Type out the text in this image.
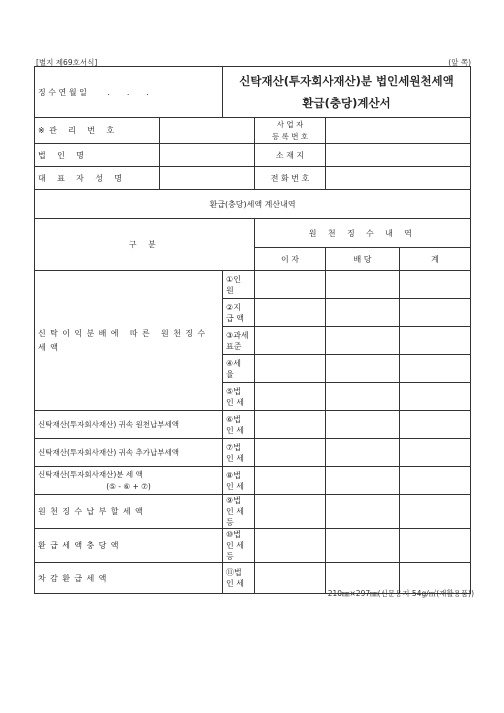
[별지 제69호서식]	(앞 쪽)
징 수 연 월 일 . . .		신탁재산(투자회사재산)분 법인세원천세액
환급(충당)계산서			

※관 리 번 호			사 업 자
등 록 번 호		

법 인 명			소 재 지		
대 표 자 성 명			전 화 번 호		
환급(충당)세액 계산내역					
구 분			원 천 징 수 내 역		
			이 자	배 당	계
신탁이익분배에 따른 원천징수세액		①인 원			
		②지 급 액			
		③과세표준			
		④세 율			
		⑤법 인 세			
신탁재산(투자회사재산) 귀속 원천납부세액		⑥법 인 세			
신탁재산(투자회사재산) 귀속 추가납부세액		⑦법 인 세			

신탁재산(투자회사재산)분 세 액
(⑤ - ⑥ + ⑦)		⑧법 인 세			
원천징수납부할세액		⑨법 인 세 등			
환급세액충당액		⑩법 인 세 등			
차감환급세액		⑪법 인 세			
210㎜×297㎜(신문용지 54g/㎡(재활용품))
